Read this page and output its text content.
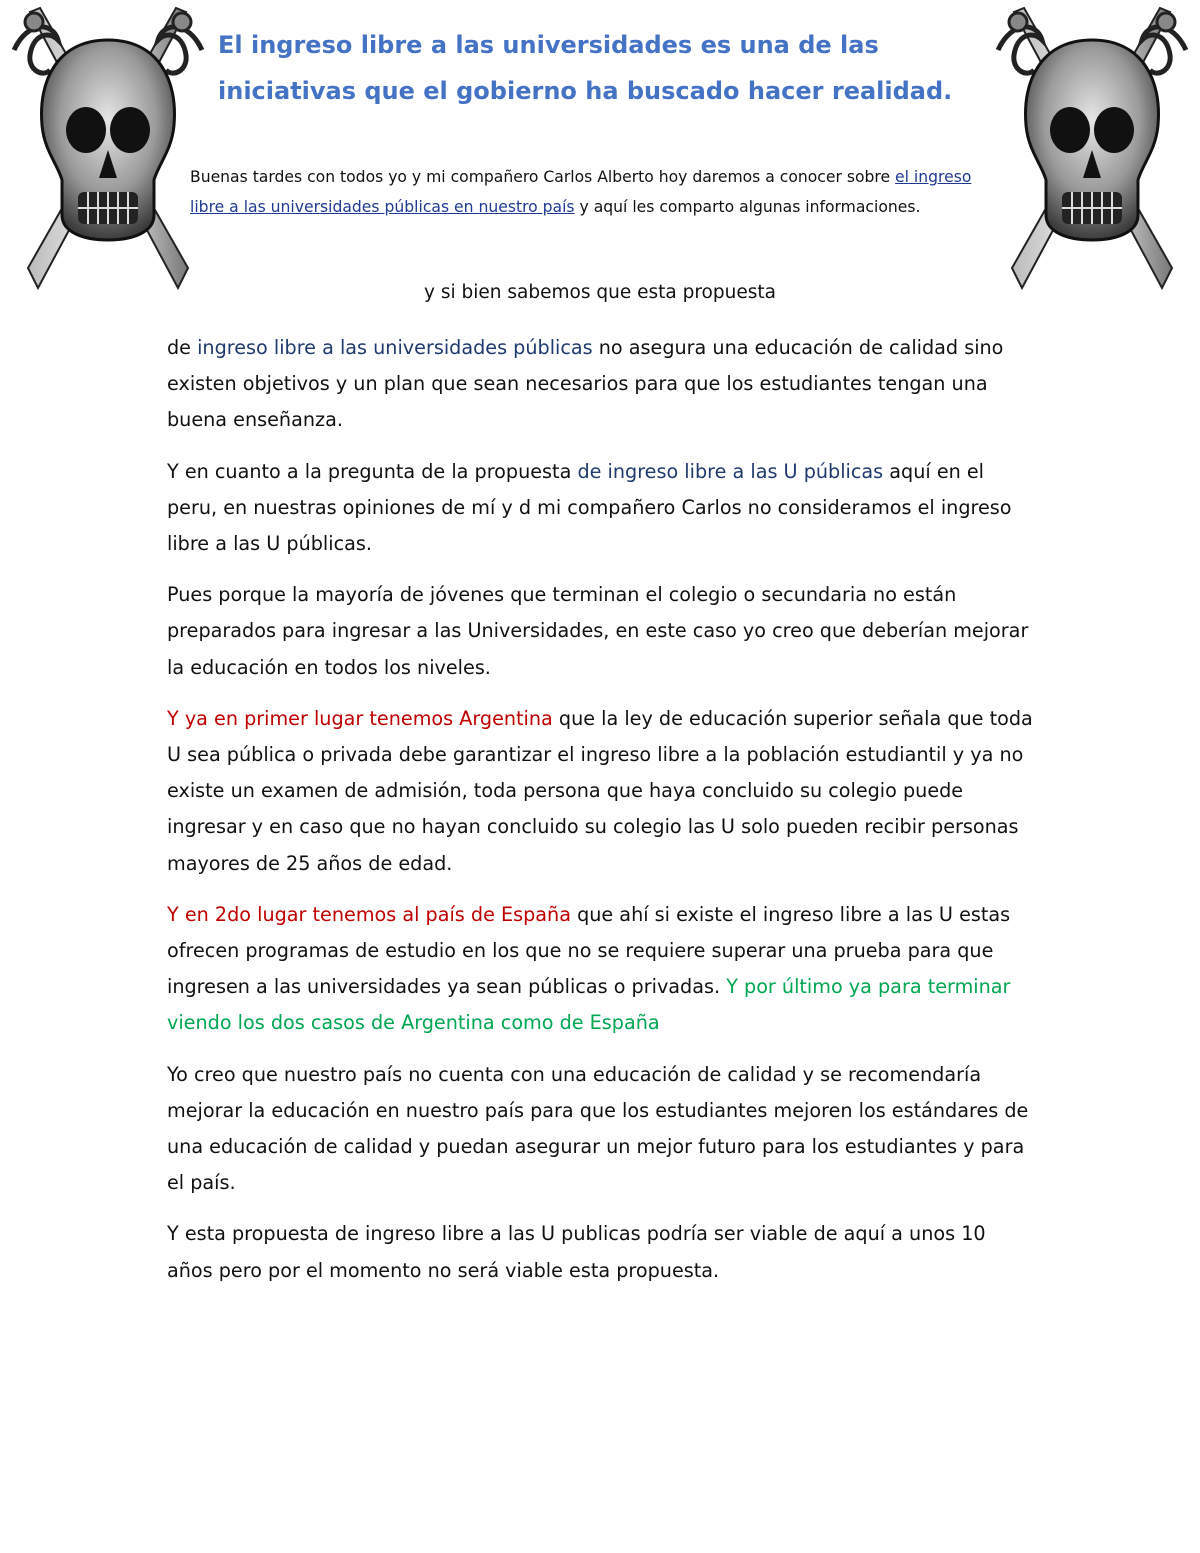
El ingreso libre a las universidades es una de las iniciativas que el gobierno ha buscado hacer realidad.

Buenas tardes con todos yo y mi compañero Carlos Alberto hoy daremos a conocer sobre el ingreso libre a las universidades públicas en nuestro país y aquí les comparto algunas informaciones.

y si bien sabemos que esta propuesta

de ingreso libre a las universidades públicas no asegura una educación de calidad sino existen objetivos y un plan que sean necesarios para que los estudiantes tengan una buena enseñanza.

Y en cuanto a la pregunta de la propuesta de ingreso libre a las U públicas aquí en el peru, en nuestras opiniones de mí y d mi compañero Carlos no consideramos el ingreso libre a las U públicas.

Pues porque la mayoría de jóvenes que terminan el colegio o secundaria no están preparados para ingresar a las Universidades, en este caso yo creo que deberían mejorar la educación en todos los niveles.

Y ya en primer lugar tenemos Argentina que la ley de educación superior señala que toda U sea pública o privada debe garantizar el ingreso libre a la población estudiantil y ya no existe un examen de admisión, toda persona que haya concluido su colegio puede ingresar y en caso que no hayan concluido su colegio las U solo pueden recibir personas mayores de 25 años de edad.

Y en 2do lugar tenemos al país de España que ahí si existe el ingreso libre a las U estas ofrecen programas de estudio en los que no se requiere superar una prueba para que ingresen a las universidades ya sean públicas o privadas. Y por último ya para terminar viendo los dos casos de Argentina como de España

Yo creo que nuestro país no cuenta con una educación de calidad y se recomendaría mejorar la educación en nuestro país para que los estudiantes mejoren los estándares de una educación de calidad y puedan asegurar un mejor futuro para los estudiantes y para el país.

Y esta propuesta de ingreso libre a las U publicas podría ser viable de aquí a unos 10 años pero por el momento no será viable esta propuesta.
